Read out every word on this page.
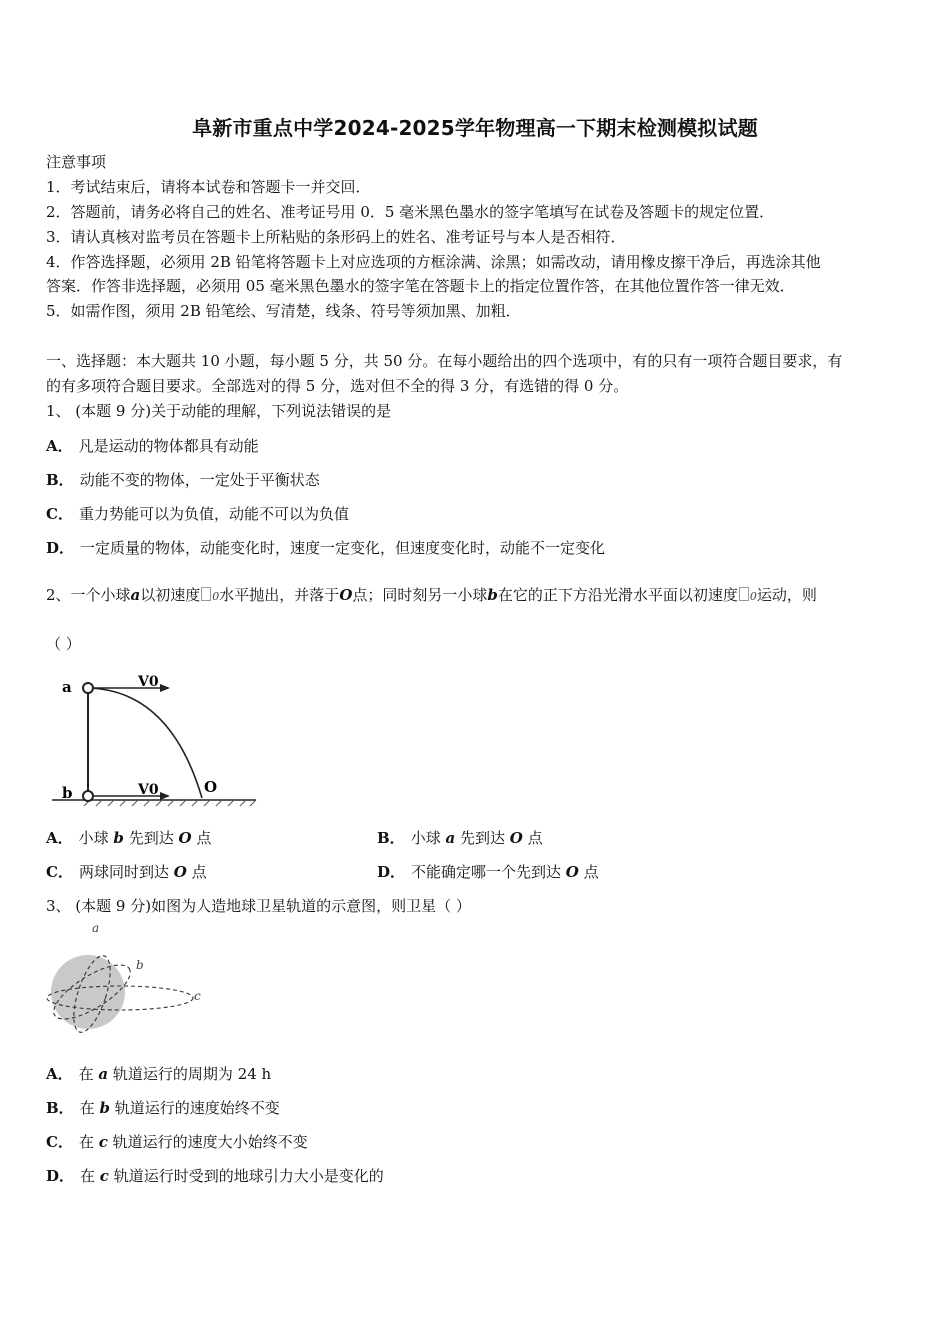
阜新市重点中学2024-2025学年物理高一下期末检测模拟试题
注意事项
1．考试结束后，请将本试卷和答题卡一并交回．
2．答题前，请务必将自己的姓名、准考证号用 0．5 毫米黑色墨水的签字笔填写在试卷及答题卡的规定位置．
3．请认真核对监考员在答题卡上所粘贴的条形码上的姓名、准考证号与本人是否相符．
4．作答选择题，必须用 2B 铅笔将答题卡上对应选项的方框涂满、涂黑；如需改动，请用橡皮擦干净后，再选涂其他
答案．作答非选择题，必须用 05 毫米黑色墨水的签字笔在答题卡上的指定位置作答，在其他位置作答一律无效．
5．如需作图，须用 2B 铅笔绘、写清楚，线条、符号等须加黑、加粗．
一、选择题：本大题共 10 小题，每小题 5 分，共 50 分。在每小题给出的四个选项中，有的只有一项符合题目要求，有
的有多项符合题目要求。全部选对的得 5 分，选对但不全的得 3 分，有选错的得 0 分。
1、 (本题 9 分)关于动能的理解，下列说法错误的是
A． 凡是运动的物体都具有动能
B． 动能不变的物体，一定处于平衡状态
C． 重力势能可以为负值，动能不可以为负值
D． 一定质量的物体，动能变化时，速度一定变化，但速度变化时，动能不一定变化
2、一个小球a以初速度 0水平抛出，并落于O点；同时刻另一小球b在它的正下方沿光滑水平面以初速度 0运动，则
（ ）
a
b
V0
V0	O
A． 小球 b 先到达 O 点	B． 小球 a 先到达 O 点
C． 两球同时到达 O 点	D． 不能确定哪一个先到达 O 点
3、 (本题 9 分)如图为人造地球卫星轨道的示意图，则卫星（ ）
a
b
c
A． 在 a 轨道运行的周期为 24 h
B． 在 b 轨道运行的速度始终不变
C． 在 c 轨道运行的速度大小始终不变
D． 在 c 轨道运行时受到的地球引力大小是变化的
